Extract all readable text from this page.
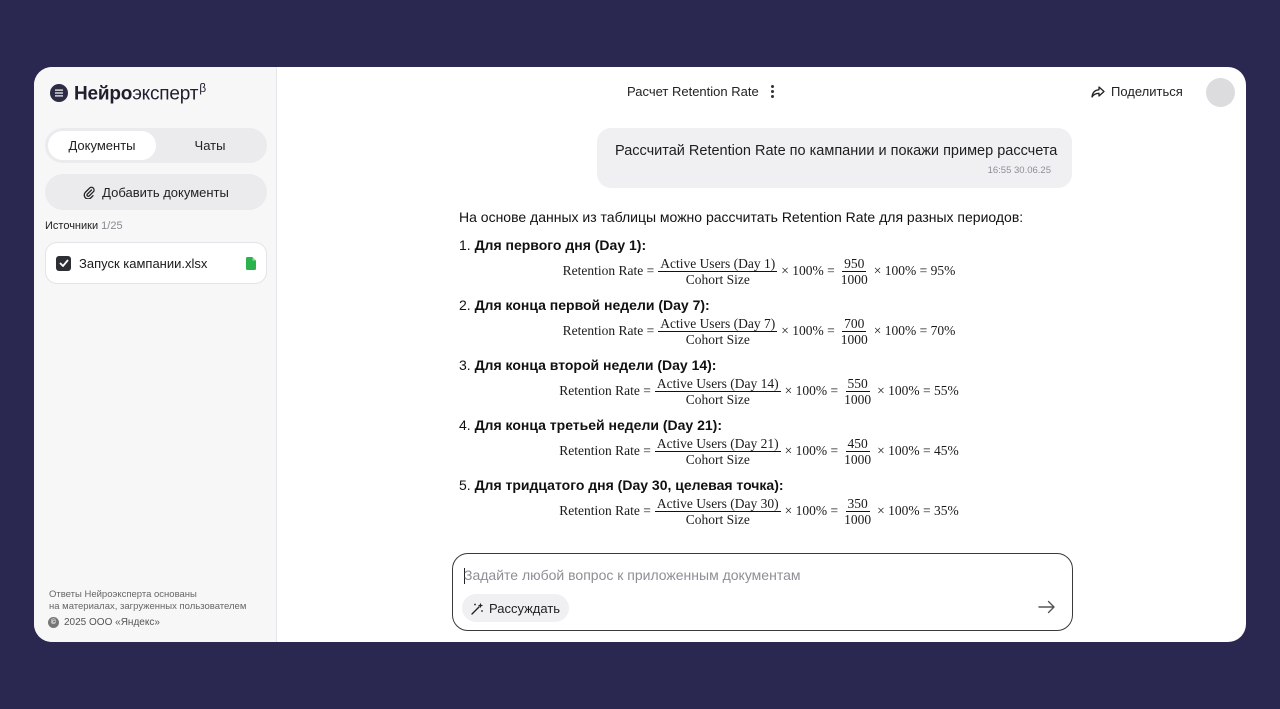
Нейроэксперт$^\beta$
Документы	Чаты
Добавить документы
Источники 1/25
Запуск кампании.xlsx
Ответы Нейроэксперта основаны
на материалах, загруженных пользователем
© 2025 ООО «Яндекс»
Расчет Retention Rate	Поделиться
Рассчитай Retention Rate по кампании и покажи пример рассчета
16:55 30.06.25
На основе данных из таблицы можно рассчитать Retention Rate для разных периодов:
1. Для первого дня (Day 1):
Retention Rate = $\frac{\text{Active Users (Day 1)}}{\text{Cohort Size}} \times 100\% = \frac{950}{1000} \times 100\% = 95\%$
2. Для конца первой недели (Day 7):
Retention Rate = $\frac{\text{Active Users (Day 7)}}{\text{Cohort Size}} \times 100\% = \frac{700}{1000} \times 100\% = 70\%$
3. Для конца второй недели (Day 14):
Retention Rate = $\frac{\text{Active Users (Day 14)}}{\text{Cohort Size}} \times 100\% = \frac{550}{1000} \times 100\% = 55\%$
4. Для конца третьей недели (Day 21):
Retention Rate = $\frac{\text{Active Users (Day 21)}}{\text{Cohort Size}} \times 100\% = \frac{450}{1000} \times 100\% = 45\%$
5. Для тридцатого дня (Day 30, целевая точка):
Retention Rate = $\frac{\text{Active Users (Day 30)}}{\text{Cohort Size}} \times 100\% = \frac{350}{1000} \times 100\% = 35\%$
Задайте любой вопрос к приложенным документам
Рассуждать
